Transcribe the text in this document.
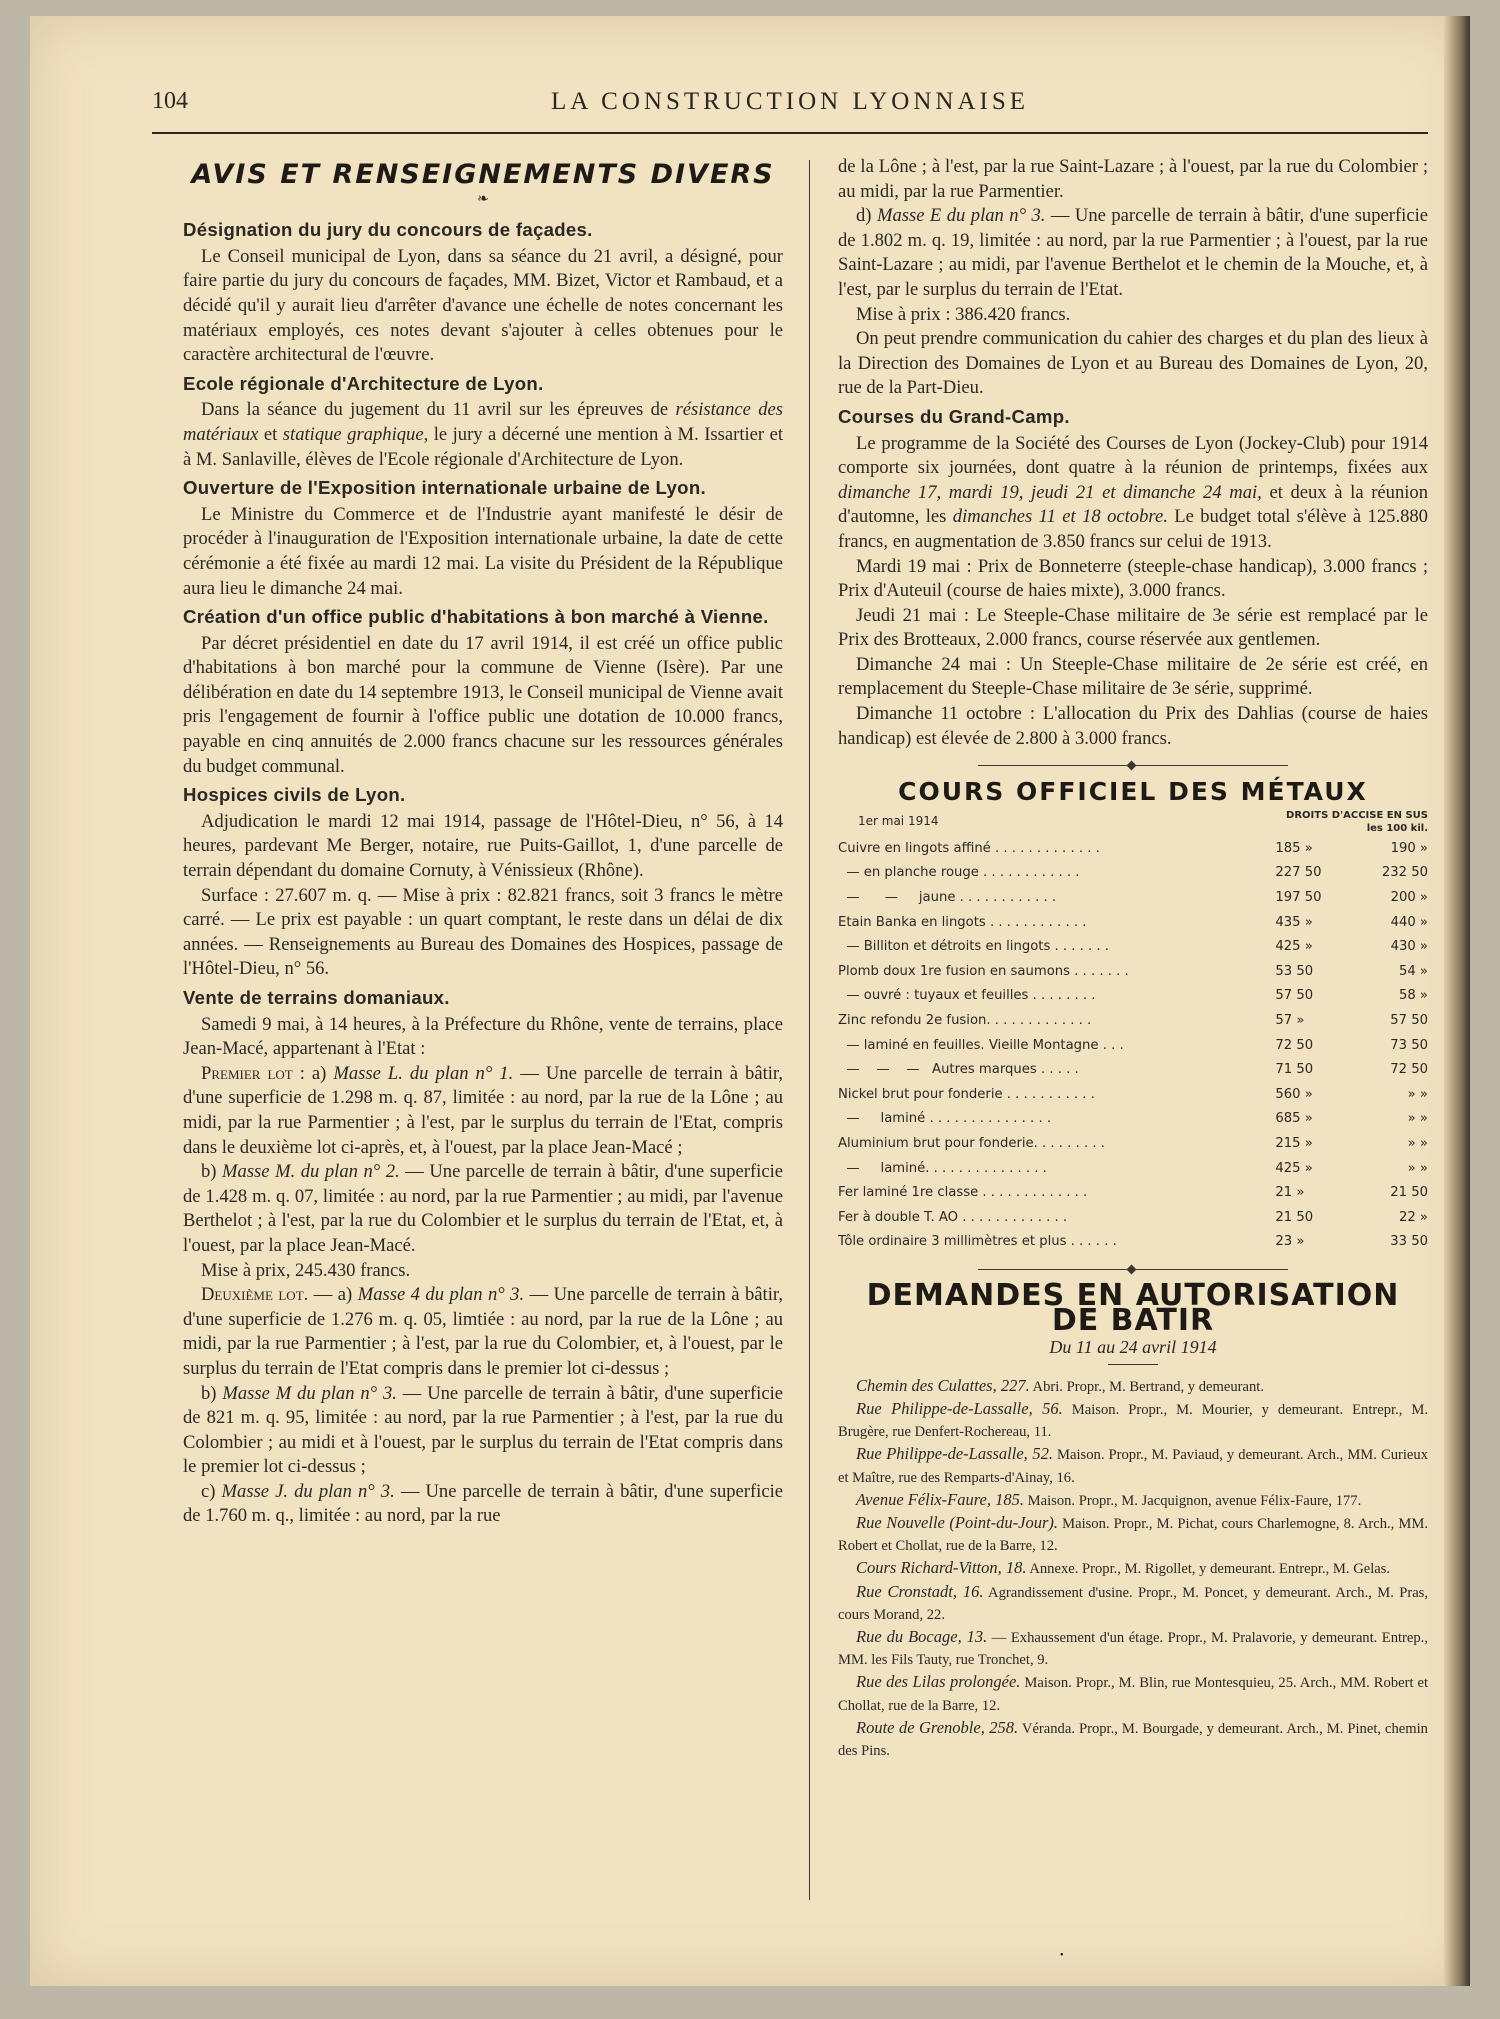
104	LA CONSTRUCTION LYONNAISE
AVIS ET RENSEIGNEMENTS DIVERS
❧
Désignation du jury du concours de façades.

Le Conseil municipal de Lyon, dans sa séance du 21 avril, a désigné, pour faire partie du jury du concours de façades, MM. Bizet, Victor et Rambaud, et a décidé qu'il y aurait lieu d'arrêter d'avance une échelle de notes concernant les matériaux employés, ces notes devant s'ajouter à celles obtenues pour le caractère architectural de l'œuvre.

Ecole régionale d'Architecture de Lyon.

Dans la séance du jugement du 11 avril sur les épreuves de résistance des matériaux et statique graphique, le jury a décerné une mention à M. Issartier et à M. Sanlaville, élèves de l'Ecole régionale d'Architecture de Lyon.

Ouverture de l'Exposition internationale urbaine de Lyon.

Le Ministre du Commerce et de l'Industrie ayant manifesté le désir de procéder à l'inauguration de l'Exposition internationale urbaine, la date de cette cérémonie a été fixée au mardi 12 mai. La visite du Président de la République aura lieu le dimanche 24 mai.

Création d'un office public d'habitations à bon marché à Vienne.

Par décret présidentiel en date du 17 avril 1914, il est créé un office public d'habitations à bon marché pour la commune de Vienne (Isère). Par une délibération en date du 14 septembre 1913, le Conseil municipal de Vienne avait pris l'engagement de fournir à l'office public une dotation de 10.000 francs, payable en cinq annuités de 2.000 francs chacune sur les ressources générales du budget communal.

Hospices civils de Lyon.

Adjudication le mardi 12 mai 1914, passage de l'Hôtel-Dieu, n° 56, à 14 heures, pardevant Me Berger, notaire, rue Puits-Gaillot, 1, d'une parcelle de terrain dépendant du domaine Cornuty, à Vénissieux (Rhône).

Surface : 27.607 m. q. — Mise à prix : 82.821 francs, soit 3 francs le mètre carré. — Le prix est payable : un quart comptant, le reste dans un délai de dix années. — Renseignements au Bureau des Domaines des Hospices, passage de l'Hôtel-Dieu, n° 56.

Vente de terrains domaniaux.

Samedi 9 mai, à 14 heures, à la Préfecture du Rhône, vente de terrains, place Jean-Macé, appartenant à l'Etat :

Premier lot : a) Masse L. du plan n° 1. — Une parcelle de terrain à bâtir, d'une superficie de 1.298 m. q. 87, limitée : au nord, par la rue de la Lône ; au midi, par la rue Parmentier ; à l'est, par le surplus du terrain de l'Etat, compris dans le deuxième lot ci-après, et, à l'ouest, par la place Jean-Macé ;

b) Masse M. du plan n° 2. — Une parcelle de terrain à bâtir, d'une superficie de 1.428 m. q. 07, limitée : au nord, par la rue Parmentier ; au midi, par l'avenue Berthelot ; à l'est, par la rue du Colombier et le surplus du terrain de l'Etat, et, à l'ouest, par la place Jean-Macé.

Mise à prix, 245.430 francs.

Deuxième lot. — a) Masse 4 du plan n° 3. — Une parcelle de terrain à bâtir, d'une superficie de 1.276 m. q. 05, limtiée : au nord, par la rue de la Lône ; au midi, par la rue Parmentier ; à l'est, par la rue du Colombier, et, à l'ouest, par le surplus du terrain de l'Etat compris dans le premier lot ci-dessus ;

b) Masse M du plan n° 3. — Une parcelle de terrain à bâtir, d'une superficie de 821 m. q. 95, limitée : au nord, par la rue Parmentier ; à l'est, par la rue du Colombier ; au midi et à l'ouest, par le surplus du terrain de l'Etat compris dans le premier lot ci-dessus ;

c) Masse J. du plan n° 3. — Une parcelle de terrain à bâtir, d'une superficie de 1.760 m. q., limitée : au nord, par la rue

de la Lône ; à l'est, par la rue Saint-Lazare ; à l'ouest, par la rue du Colombier ; au midi, par la rue Parmentier.

d) Masse E du plan n° 3. — Une parcelle de terrain à bâtir, d'une superficie de 1.802 m. q. 19, limitée : au nord, par la rue Parmentier ; à l'ouest, par la rue Saint-Lazare ; au midi, par l'avenue Berthelot et le chemin de la Mouche, et, à l'est, par le surplus du terrain de l'Etat.

Mise à prix : 386.420 francs.

On peut prendre communication du cahier des charges et du plan des lieux à la Direction des Domaines de Lyon et au Bureau des Domaines de Lyon, 20, rue de la Part-Dieu.

Courses du Grand-Camp.

Le programme de la Société des Courses de Lyon (Jockey-Club) pour 1914 comporte six journées, dont quatre à la réunion de printemps, fixées aux dimanche 17, mardi 19, jeudi 21 et dimanche 24 mai, et deux à la réunion d'automne, les dimanches 11 et 18 octobre. Le budget total s'élève à 125.880 francs, en augmentation de 3.850 francs sur celui de 1913.

Mardi 19 mai : Prix de Bonneterre (steeple-chase handicap), 3.000 francs ; Prix d'Auteuil (course de haies mixte), 3.000 francs.

Jeudi 21 mai : Le Steeple-Chase militaire de 3e série est remplacé par le Prix des Brotteaux, 2.000 francs, course réservée aux gentlemen.

Dimanche 24 mai : Un Steeple-Chase militaire de 2e série est créé, en remplacement du Steeple-Chase militaire de 3e série, supprimé.

Dimanche 11 octobre : L'allocation du Prix des Dahlias (course de haies handicap) est élevée de 2.800 à 3.000 francs.

COURS OFFICIEL DES MÉTAUX
1er mai 1914	DROITS D'ACCISE EN SUS
les 100 kil.
Cuivre en lingots affiné . . . . . . . . . . . . .	185 »	190 »
— en planche rouge . . . . . . . . . . . .	227 50	232 50
—      —     jaune . . . . . . . . . . . .	197 50	200 »
Etain Banka en lingots . . . . . . . . . . . .	435 »	440 »
— Billiton et détroits en lingots . . . . . . .	425 »	430 »
Plomb doux 1re fusion en saumons . . . . . . .	53 50	54 »
— ouvré : tuyaux et feuilles . . . . . . . .	57 50	58 »
Zinc refondu 2e fusion. . . . . . . . . . . . .	57 »	57 50
— laminé en feuilles. Vieille Montagne . . .	72 50	73 50
—    —    —   Autres marques . . . . .	71 50	72 50
Nickel brut pour fonderie . . . . . . . . . . .	560 »	» »
—     laminé . . . . . . . . . . . . . . .	685 »	» »
Aluminium brut pour fonderie. . . . . . . . .	215 »	» »
—     laminé. . . . . . . . . . . . . . .	425 »	» »
Fer laminé 1re classe . . . . . . . . . . . . .	21 »	21 50
Fer à double T. AO . . . . . . . . . . . . .	21 50	22 »
Tôle ordinaire 3 millimètres et plus . . . . . .	23 »	33 50
DEMANDES EN AUTORISATION DE BATIR
Du 11 au 24 avril 1914

Chemin des Culattes, 227. Abri. Propr., M. Bertrand, y demeurant.

Rue Philippe-de-Lassalle, 56. Maison. Propr., M. Mourier, y demeurant. Entrepr., M. Brugère, rue Denfert-Rochereau, 11.

Rue Philippe-de-Lassalle, 52. Maison. Propr., M. Paviaud, y demeurant. Arch., MM. Curieux et Maître, rue des Remparts-d'Ainay, 16.

Avenue Félix-Faure, 185. Maison. Propr., M. Jacquignon, avenue Félix-Faure, 177.

Rue Nouvelle (Point-du-Jour). Maison. Propr., M. Pichat, cours Charlemogne, 8. Arch., MM. Robert et Chollat, rue de la Barre, 12.

Cours Richard-Vitton, 18. Annexe. Propr., M. Rigollet, y demeurant. Entrepr., M. Gelas.

Rue Cronstadt, 16. Agrandissement d'usine. Propr., M. Poncet, y demeurant. Arch., M. Pras, cours Morand, 22.

Rue du Bocage, 13. — Exhaussement d'un étage. Propr., M. Pralavorie, y demeurant. Entrep., MM. les Fils Tauty, rue Tronchet, 9.

Rue des Lilas prolongée. Maison. Propr., M. Blin, rue Montesquieu, 25. Arch., MM. Robert et Chollat, rue de la Barre, 12.

Route de Grenoble, 258. Véranda. Propr., M. Bourgade, y demeurant. Arch., M. Pinet, chemin des Pins.

•
